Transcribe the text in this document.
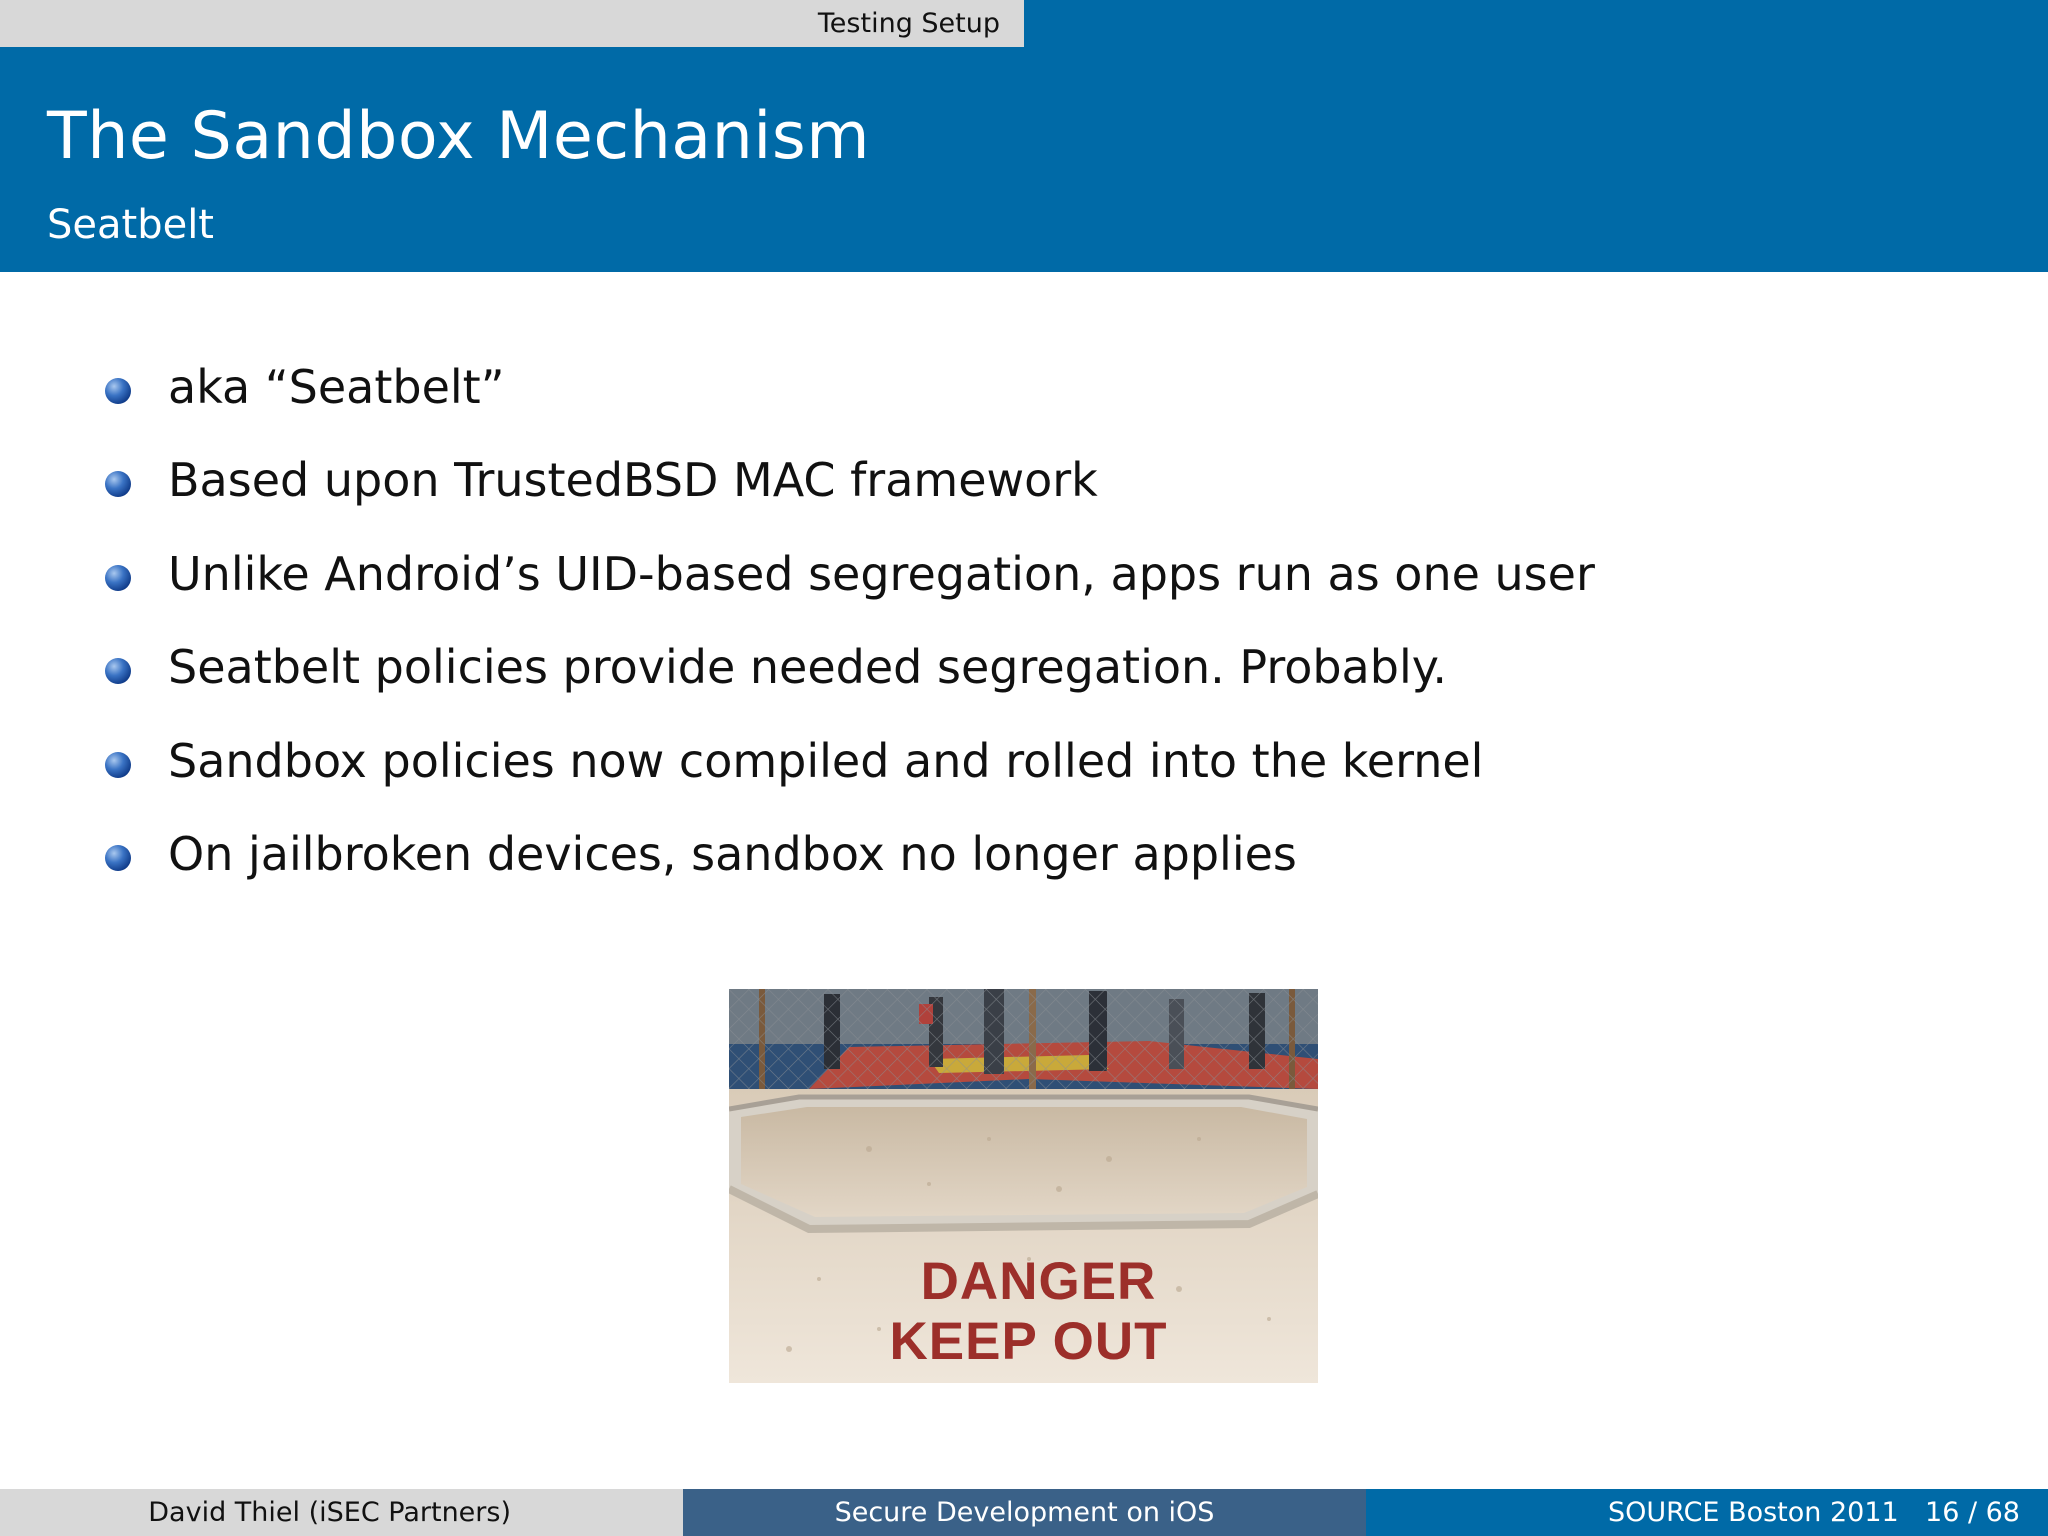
Testing Setup
The Sandbox Mechanism
Seatbelt
aka “Seatbelt”
Based upon TrustedBSD MAC framework
Unlike Android’s UID-based segregation, apps run as one user
Seatbelt policies provide needed segregation. Probably.
Sandbox policies now compiled and rolled into the kernel
On jailbroken devices, sandbox no longer applies
DANGER
KEEP OUT
David Thiel (iSEC Partners)	Secure Development on iOS	SOURCE Boston 2011 16 / 68
